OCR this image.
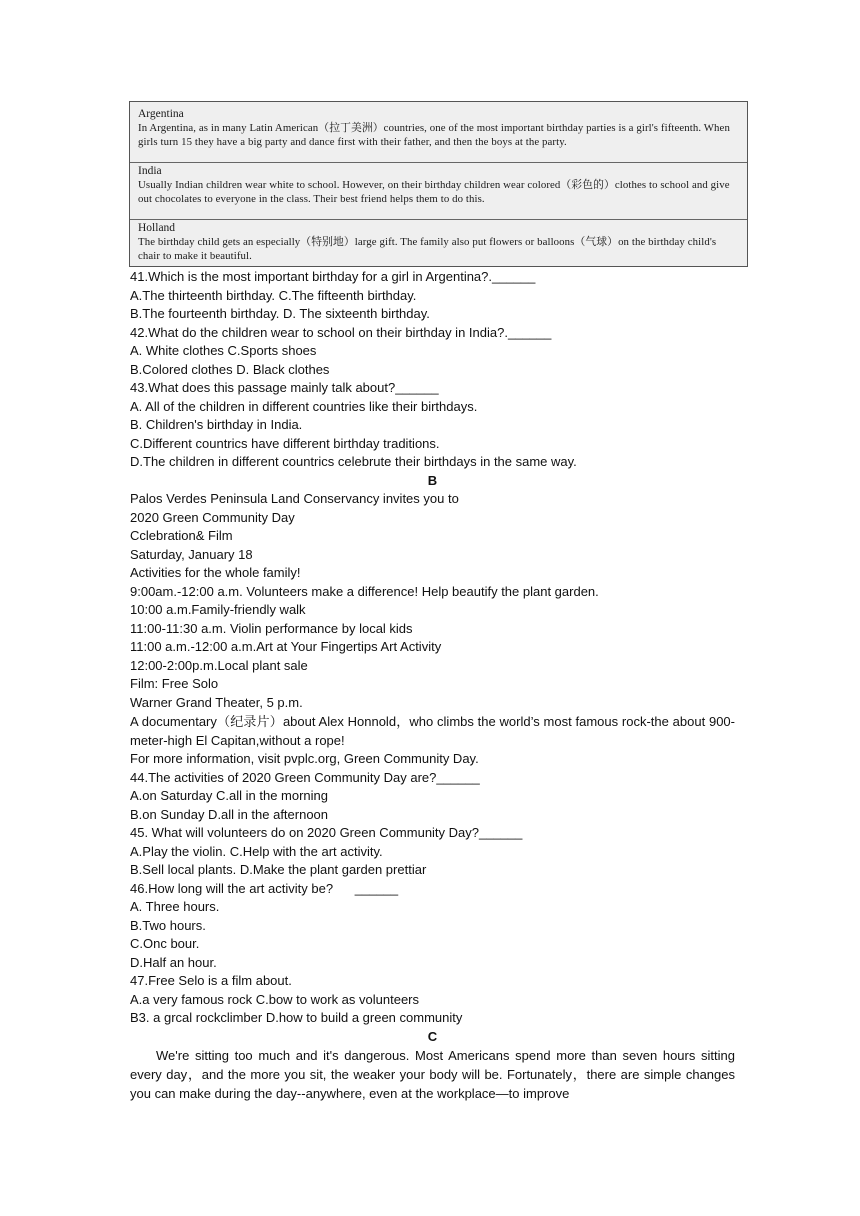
Argentina
In Argentina, as in many Latin American（拉丁美洲）countries, one of the most important birthday parties is a girl's fifteenth. When girls turn 15 they have a big party and dance first with their father, and then the boys at the party.
India
Usually Indian children wear white to school. However, on their birthday children wear colored（彩色的）clothes to school and give out chocolates to everyone in the class. Their best friend helps them to do this.
Holland
The birthday child gets an especially（特别地）large gift. The family also put flowers or balloons（气球）on the birthday child's chair to make it beautiful.
41.Which is the most important birthday for a girl in Argentina?.______
A.The thirteenth birthday. C.The fifteenth birthday.
B.The fourteenth birthday. D. The sixteenth birthday.
42.What do the children wear to school on their birthday in India?.______
A. White clothes C.Sports shoes
B.Colored clothes D. Black clothes
43.What does this passage mainly talk about?______
A. All of the children in different countries like their birthdays.
B. Children's birthday in India.
C.Different countrics have different birthday traditions.
D.The children in different countrics celebrute their birthdays in the same way.
B
Palos Verdes Peninsula Land Conservancy invites you to
2020 Green Community Day
Cclebration& Film
Saturday, January 18
Activities for the whole family!
9:00am.-12:00 a.m. Volunteers make a difference! Help beautify the plant garden.
10:00 a.m.Family-friendly walk
11:00-11:30 a.m. Violin performance by local kids
11:00 a.m.-12:00 a.m.Art at Your Fingertips Art Activity
12:00-2:00p.m.Local plant sale
Film: Free Solo
Warner Grand Theater, 5 p.m.

A documentary（纪录片）about Alex Honnold，who climbs the world’s most famous rock-the about 900-meter-high El Capitan,without a rope!

For more information, visit pvplc.org, Green Community Day.
44.The activities of 2020 Green Community Day are?______
A.on Saturday C.all in the morning
B.on Sunday D.all in the afternoon
45. What will volunteers do on 2020 Green Community Day?______
A.Play the violin. C.Help with the art activity.
B.Sell local plants. D.Make the plant garden prettiar
46.How long will the art activity be?      ______
A. Three hours.
B.Two hours.
C.Onc bour.
D.Half an hour.
47.Free Selo is a film about.
A.a very famous rock C.bow to work as volunteers
B3. a grcal rockclimber D.how to build a green community
C

We're sitting too much and it's dangerous. Most Americans spend more than seven hours sitting every day，and the more you sit, the weaker your body will be. Fortunately，there are simple changes you can make during the day--anywhere, even at the workplace—to improve
